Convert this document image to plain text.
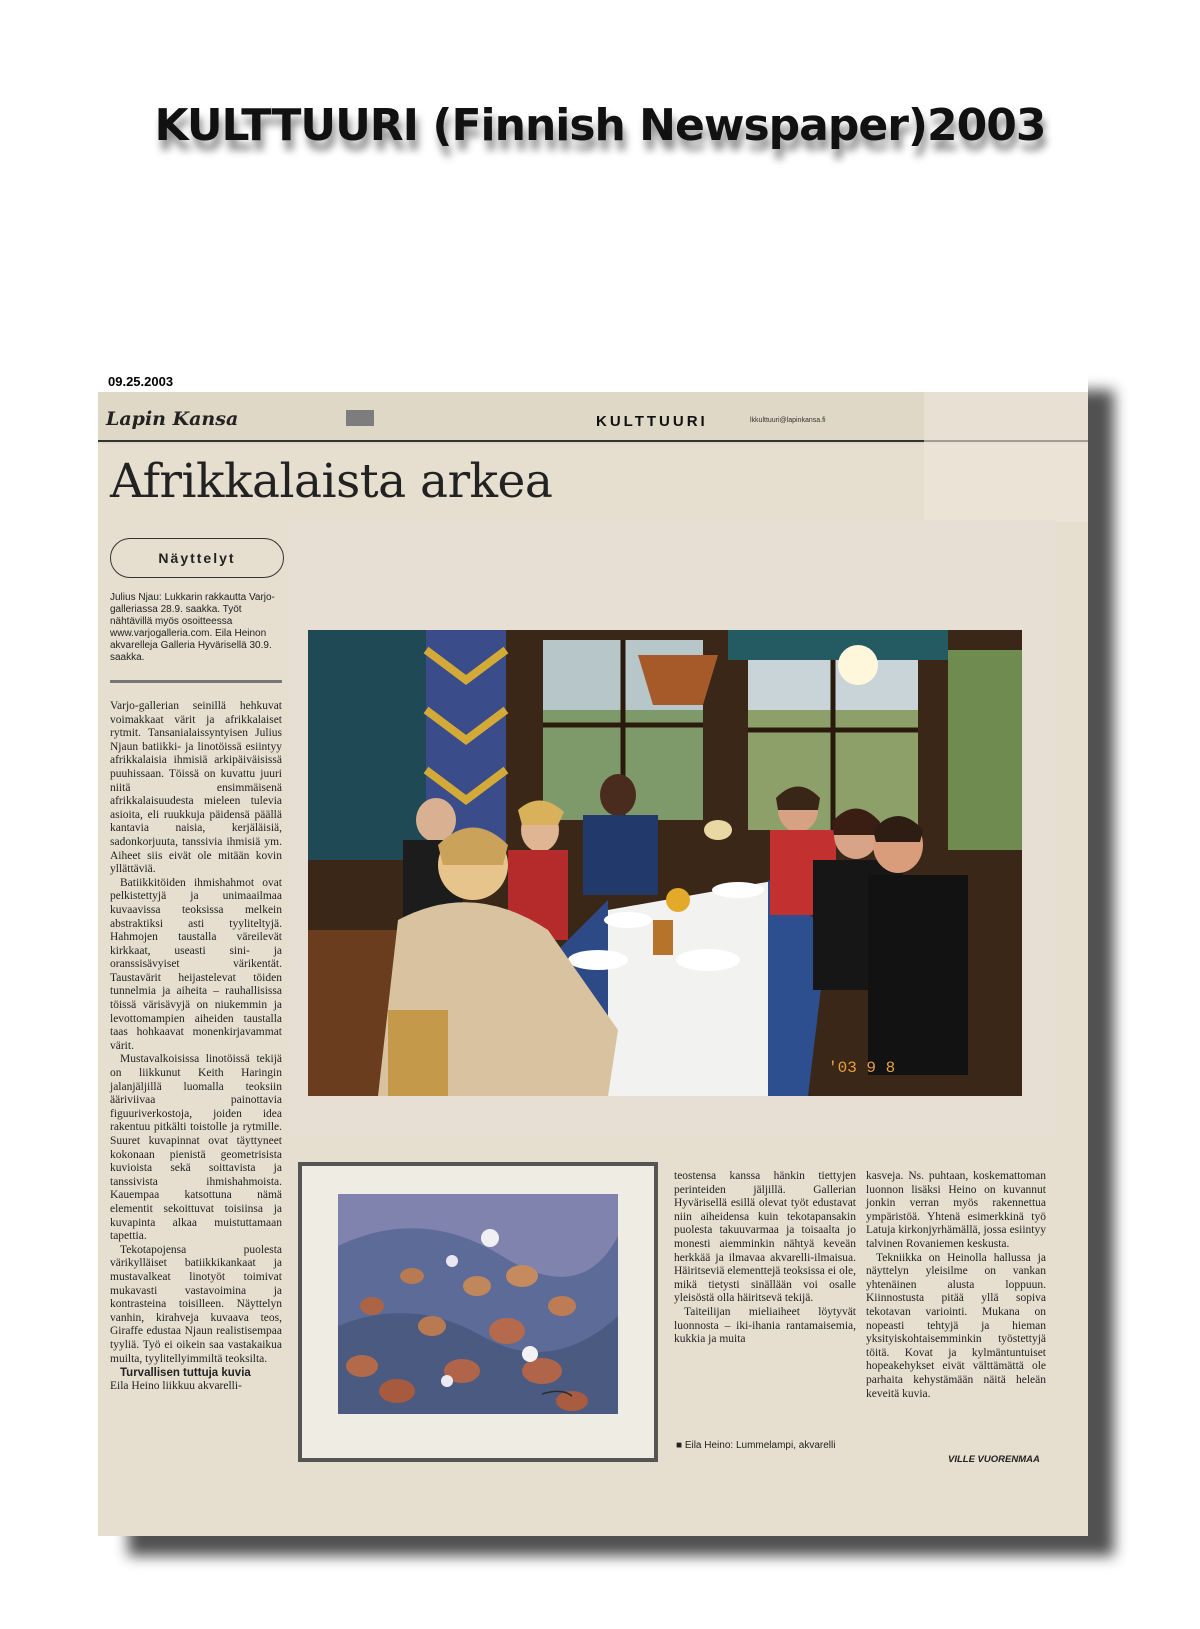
KULTTUURI (Finnish Newspaper)2003
09.25.2003
Lapin Kansa	KULTTUURI	lkkulttuuri@lapinkansa.fi
Afrikkalaista arkea
Näyttelyt
Julius Njau: Lukkarin rakkautta Varjo-galleriassa 28.9. saakka. Työt nähtävillä myös osoitteessa www.varjogalleria.com. Eila Heinon akvarelleja Galleria Hyvärisellä 30.9. saakka.

Varjo-gallerian seinillä hehkuvat voimakkaat värit ja afrikkalaiset rytmit. Tansanialaissyntyisen Julius Njaun batiikki- ja linotöissä esiintyy afrikkalaisia ihmisiä arkipäiväisissä puuhissaan. Töissä on kuvattu juuri niitä ensimmäisenä afrikkalaisuudesta mieleen tulevia asioita, eli ruukkuja päidensä päällä kantavia naisia, kerjäläisiä, sadonkorjuuta, tanssivia ihmisiä ym. Aiheet siis eivät ole mitään kovin yllättäviä.

Batiikkitöiden ihmishahmot ovat pelkistettyjä ja unimaailmaa kuvaavissa teoksissa melkein abstraktiksi asti tyyliteltyjä. Hahmojen taustalla väreilevät kirkkaat, useasti sini- ja oranssisävyiset värikentät. Taustavärit heijastelevat töiden tunnelmia ja aiheita – rauhallisissa töissä värisävyjä on niukemmin ja levottomampien aiheiden taustalla taas hohkaavat monenkirjavammat värit.

Mustavalkoisissa linotöissä tekijä on liikkunut Keith Haringin jalanjäljillä luomalla teoksiin ääriviivaa painottavia figuuriverkostoja, joiden idea rakentuu pitkälti toistolle ja rytmille. Suuret kuvapinnat ovat täyttyneet kokonaan pienistä geometrisista kuvioista sekä soittavista ja tanssivista ihmishahmoista. Kauempaa katsottuna nämä elementit sekoittuvat toisiinsa ja kuvapinta alkaa muistuttamaan tapettia.

Tekotapojensa puolesta värikylläiset batiikkikankaat ja mustavalkeat linotyöt toimivat mukavasti vastavoimina ja kontrasteina toisilleen. Näyttelyn vanhin, kirahveja kuvaava teos, Giraffe edustaa Njaun realistisempaa tyyliä. Työ ei oikein saa vastakaikua muilta, tyylitellyimmiltä teoksilta.

Turvallisen tuttuja kuvia

Eila Heino liikkuu akvarelli-

'03 9 8

teostensa kanssa hänkin tiettyjen perinteiden jäljillä. Gallerian Hyvärisellä esillä olevat työt edustavat niin aiheidensa kuin tekotapansakin puolesta takuuvarmaa ja toisaalta jo monesti aiemminkin nähtyä keveän herkkää ja ilmavaa akvarelli-ilmaisua. Häiritseviä elementtejä teoksissa ei ole, mikä tietysti sinällään voi osalle yleisöstä olla häiritsevä tekijä.

Taiteilijan mieliaiheet löytyvät luonnosta – iki-ihania rantamaisemia, kukkia ja muita

kasveja. Ns. puhtaan, koskemattoman luonnon lisäksi Heino on kuvannut jonkin verran myös rakennettua ympäristöä. Yhtenä esimerkkinä työ Latuja kirkonjyrhämällä, jossa esiintyy talvinen Rovaniemen keskusta.

Tekniikka on Heinolla hallussa ja näyttelyn yleisilme on vankan yhtenäinen alusta loppuun. Kiinnostusta pitää yllä sopiva tekotavan variointi. Mukana on nopeasti tehtyjä ja hieman yksityiskohtaisemminkin työstettyjä töitä. Kovat ja kylmäntuntuiset hopeakehykset eivät välttämättä ole parhaita kehystämään näitä heleän keveitä kuvia.

■ Eila Heino: Lummelampi, akvarelli
VILLE VUORENMAA
